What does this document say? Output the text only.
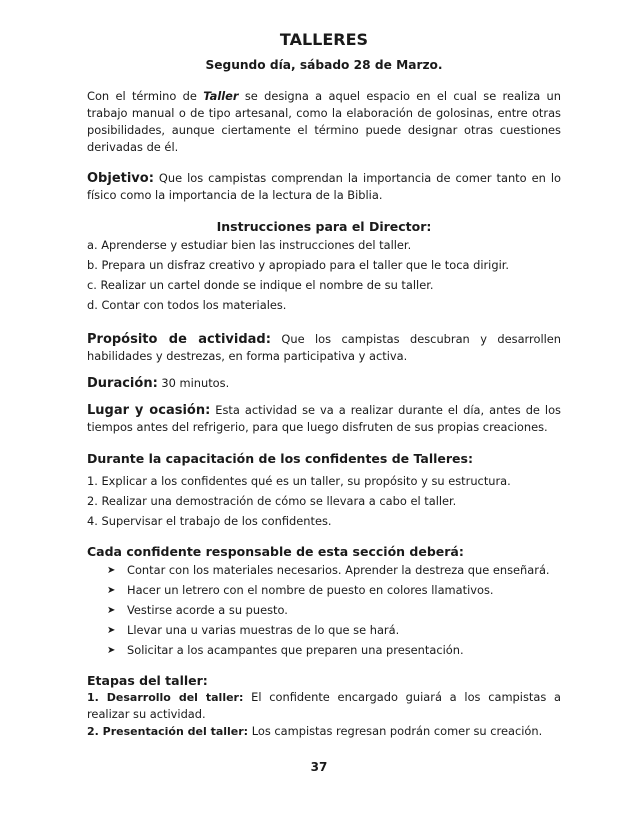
TALLERES
Segundo día, sábado 28 de Marzo.

Con el término de Taller se designa a aquel espacio en el cual se realiza un trabajo manual o de tipo artesanal, como la elaboración de golosinas, entre otras posibilidades, aunque ciertamente el término puede designar otras cuestiones derivadas de él.

Objetivo: Que los campistas comprendan la importancia de comer tanto en lo físico como la importancia de la lectura de la Biblia.

Instrucciones para el Director:
a. Aprenderse y estudiar bien las instrucciones del taller.
b. Prepara un disfraz creativo y apropiado para el taller que le toca dirigir.
c. Realizar un cartel donde se indique el nombre de su taller.
d. Contar con todos los materiales.

Propósito de actividad: Que los campistas descubran y desarrollen habilidades y destrezas, en forma participativa y activa.

Duración: 30 minutos.

Lugar y ocasión: Esta actividad se va a realizar durante el día, antes de los tiempos antes del refrigerio, para que luego disfruten de sus propias creaciones.

Durante la capacitación de los confidentes de Talleres:
1. Explicar a los confidentes qué es un taller, su propósito y su estructura.
2. Realizar una demostración de cómo se llevara a cabo el taller.
4. Supervisar el trabajo de los confidentes.
Cada confidente responsable de esta sección deberá:
➤	Contar con los materiales necesarios. Aprender la destreza que enseñará.
➤	Hacer un letrero con el nombre de puesto en colores llamativos.
➤	Vestirse acorde a su puesto.
➤	Llevar una u varias muestras de lo que se hará.
➤	Solicitar a los acampantes que preparen una presentación.
Etapas del taller:

1. Desarrollo del taller: El confidente encargado guiará a los campistas a realizar su actividad.

2. Presentación del taller: Los campistas regresan podrán comer su creación.

37
